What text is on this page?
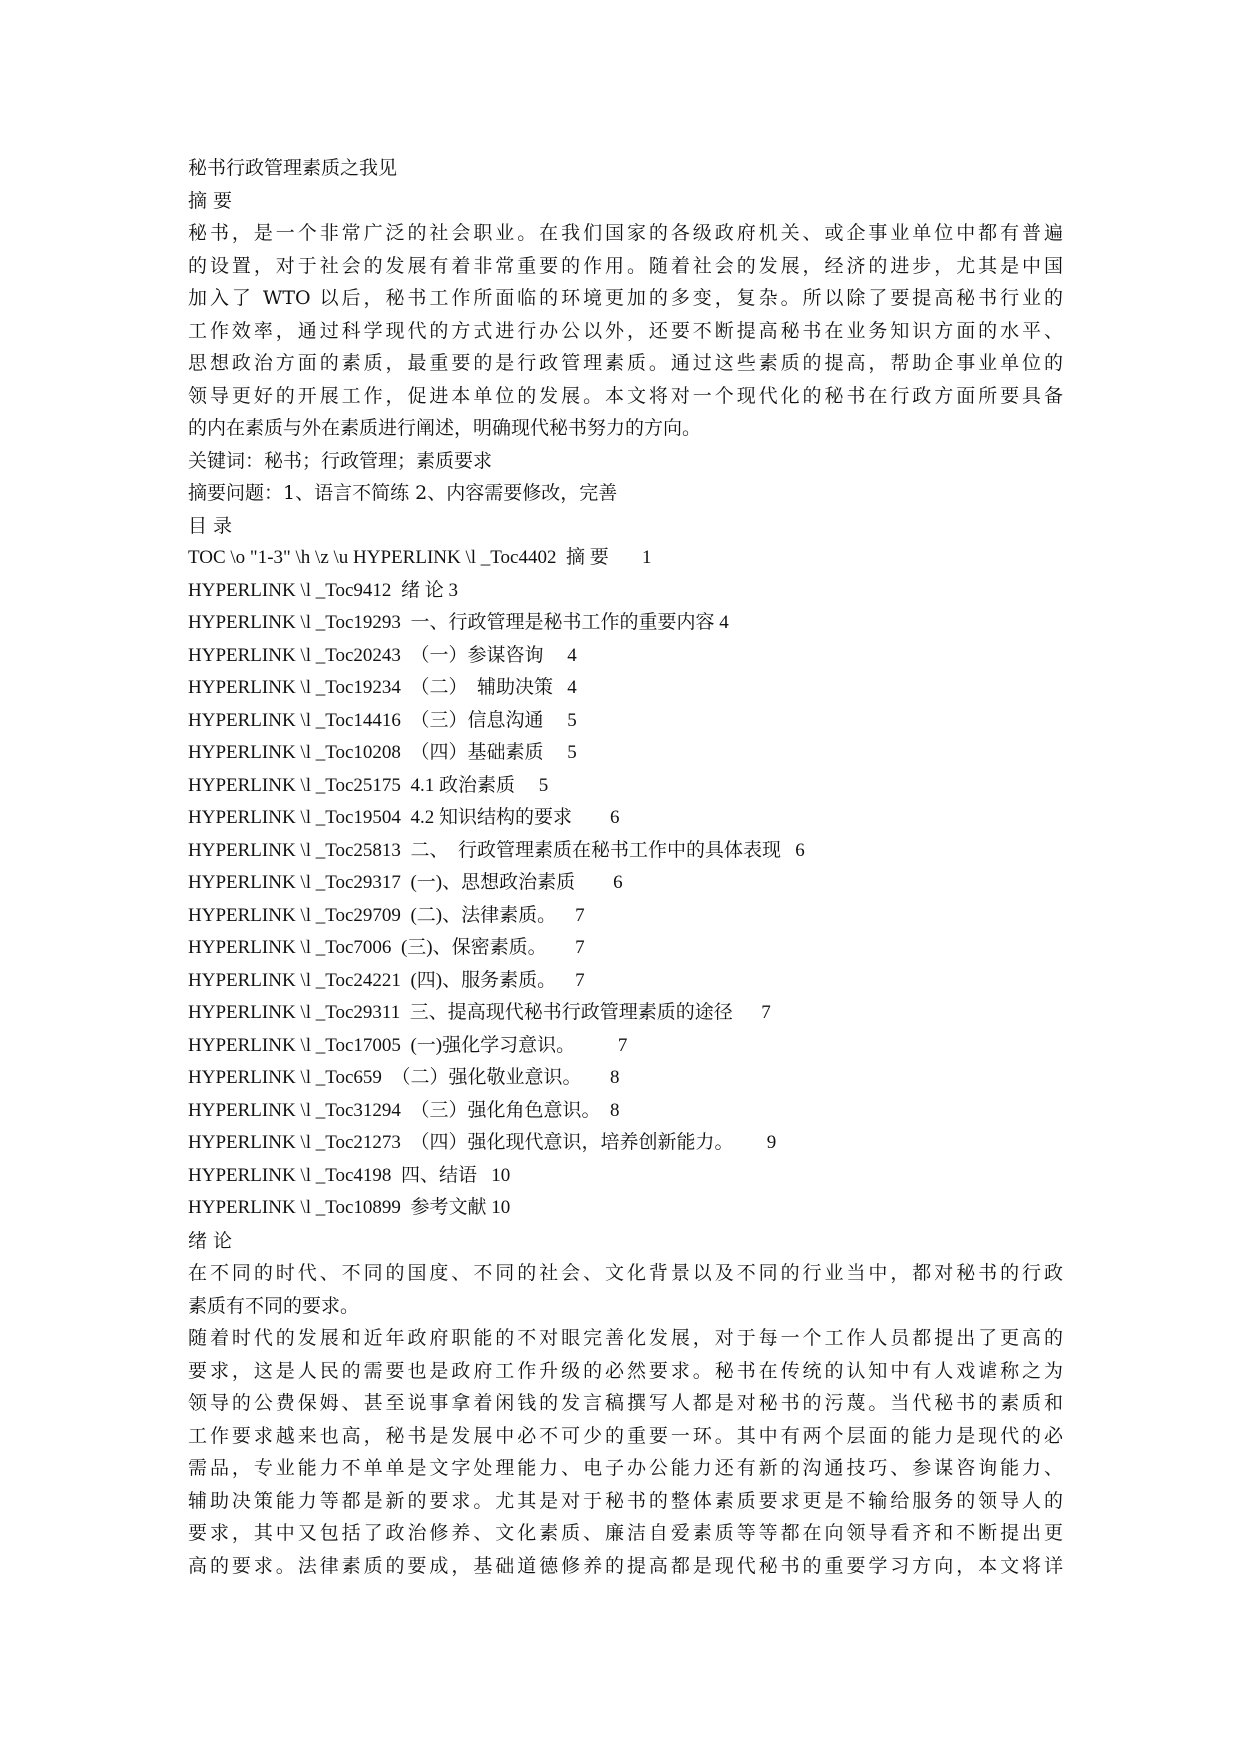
秘书行政管理素质之我见
摘 要
秘书，是一个非常广泛的社会职业。在我们国家的各级政府机关、或企事业单位中都有普遍
的设置，对于社会的发展有着非常重要的作用。随着社会的发展，经济的进步，尤其是中国
加入了 WTO 以后，秘书工作所面临的环境更加的多变，复杂。所以除了要提高秘书行业的
工作效率，通过科学现代的方式进行办公以外，还要不断提高秘书在业务知识方面的水平、
思想政治方面的素质，最重要的是行政管理素质。通过这些素质的提高，帮助企事业单位的
领导更好的开展工作，促进本单位的发展。本文将对一个现代化的秘书在行政方面所要具备
的内在素质与外在素质进行阐述，明确现代秘书努力的方向。
关键词：秘书；行政管理；素质要求
摘要问题：1、语言不简练 2、内容需要修改，完善
目 录
TOC \o "1-3" \h \z \u HYPERLINK \l _Toc4402 摘 要 1
HYPERLINK \l _Toc9412 绪 论 3
HYPERLINK \l _Toc19293 一、行政管理是秘书工作的重要内容 4
HYPERLINK \l _Toc20243 （一）参谋咨询 4
HYPERLINK \l _Toc19234 （二）  辅助决策 4
HYPERLINK \l _Toc14416 （三）信息沟通 5
HYPERLINK \l _Toc10208 （四）基础素质 5
HYPERLINK \l _Toc25175 4.1 政治素质 5
HYPERLINK \l _Toc19504 4.2 知识结构的要求 6
HYPERLINK \l _Toc25813 二、  行政管理素质在秘书工作中的具体表现 6
HYPERLINK \l _Toc29317 (一)、思想政治素质 6
HYPERLINK \l _Toc29709 (二)、法律素质。 7
HYPERLINK \l _Toc7006 (三)、保密素质。 7
HYPERLINK \l _Toc24221 (四)、服务素质。 7
HYPERLINK \l _Toc29311 三、提高现代秘书行政管理素质的途径 7
HYPERLINK \l _Toc17005 (一)强化学习意识。 7
HYPERLINK \l _Toc659 （二）强化敬业意识。 8
HYPERLINK \l _Toc31294 （三）强化角色意识。 8
HYPERLINK \l _Toc21273 （四）强化现代意识，培养创新能力。 9
HYPERLINK \l _Toc4198 四、结语 10
HYPERLINK \l _Toc10899 参考文献 10
绪 论
在不同的时代、不同的国度、不同的社会、文化背景以及不同的行业当中，都对秘书的行政
素质有不同的要求。
随着时代的发展和近年政府职能的不对眼完善化发展，对于每一个工作人员都提出了更高的
要求，这是人民的需要也是政府工作升级的必然要求。秘书在传统的认知中有人戏谑称之为
领导的公费保姆、甚至说事拿着闲钱的发言稿撰写人都是对秘书的污蔑。当代秘书的素质和
工作要求越来也高，秘书是发展中必不可少的重要一环。其中有两个层面的能力是现代的必
需品，专业能力不单单是文字处理能力、电子办公能力还有新的沟通技巧、参谋咨询能力、
辅助决策能力等都是新的要求。尤其是对于秘书的整体素质要求更是不输给服务的领导人的
要求，其中又包括了政治修养、文化素质、廉洁自爱素质等等都在向领导看齐和不断提出更
高的要求。法律素质的要成，基础道德修养的提高都是现代秘书的重要学习方向，本文将详
